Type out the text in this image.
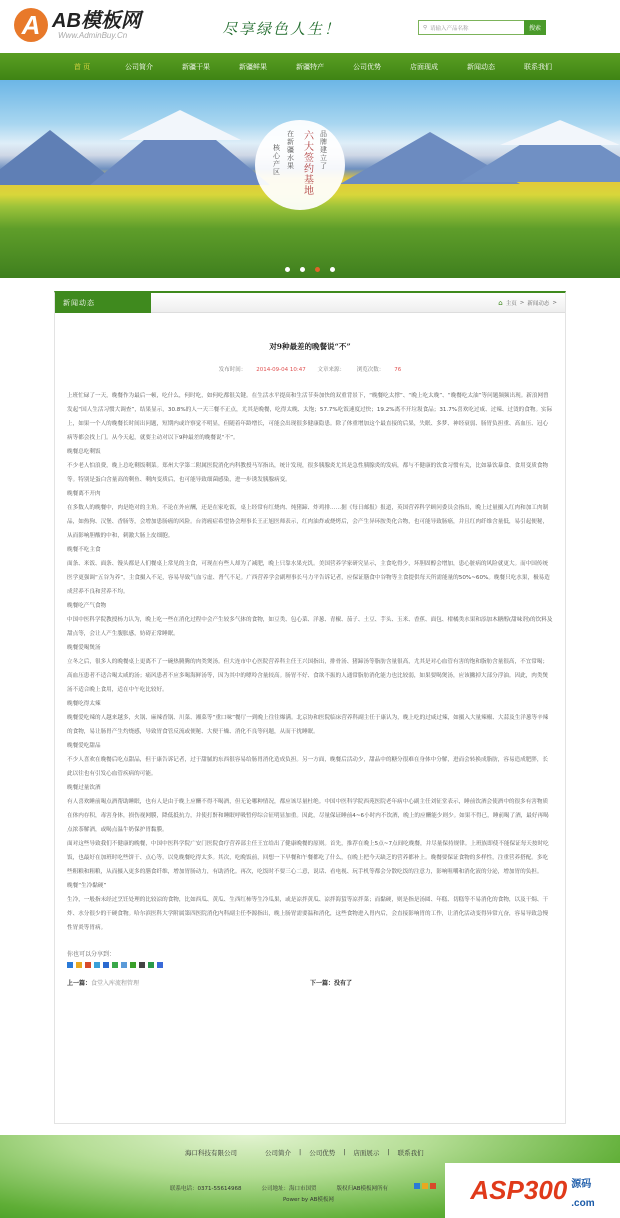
A AB模板网
Www.AdminBuy.Cn	尽享绿色人生！	⚲ 请输入产品名称	搜索
首 页	公司简介	新疆干果	新疆鲜果	新疆特产	公司优势	店面现成	新闻动态	联系我们
品牌建立了
六大签约基地
在新疆水果
核心产区
新闻动态	⌂ 主页 > 新闻动态 >
对9种最差的晚餐说“不”
发布时间： 2014-09-04 10:47 文章来源： 浏览次数： 76

上班忙碌了一天，晚餐作为最后一顿，吃什么，何时吃，如何吃都很关键。在生活水平提高和生活节奏加快的双重背景下，“晚餐吃太撑”、“晚上吃太晚”、“晚餐吃太油”等问题频频出现。新浪网曾发起“国人生活习惯大调查”，结果显示，30.8%的人一天三餐不正点，尤其是晚餐，吃得太晚、太饱；57.7%吃饭速度过快；19.2%离不开垃圾食品；31.7%喜欢吃过咸、过辣、过烫的食物。实际上，如果一个人的晚餐长时间出问题，短期内或许察觉不明显，但随着年龄增长，可能会出现很多健康隐患。除了体重增加这个最直接的后果，失眠、多梦、神经衰弱、肠胃负担重、高血压、冠心病等都会找上门。从今天起，就要主动对以下9种最差的晚餐说“不”。

晚餐总吃剩饭

不少老人怕浪费，晚上总吃剩饭剩菜。郑州大学第二附属医院消化内科教授马军指出，统计发现，很多胰腺炎尤其是急性胰腺炎的发病，都与不健康的饮食习惯有关，比如暴饮暴食、食用变质食物等。特别是蛋白含量高的剩鱼、剩肉变质后，也可能导致细菌感染，进一步诱发胰腺病变。

晚餐离不开肉

在多数人的晚餐中，肉是绝对的主角。不论在外应酬，还是在家吃饭，桌上经常有红烧肉、炖猪蹄、炸鸡排……据《每日邮报》报道，英国营养科学顾问委员会指出，晚上过量摄入红肉和加工肉制品，如热狗、汉堡、香肠等，会增加患肠癌的风险。台湾癌症希望协会理事长王正旭医师表示，红肉油炸或烧烤后，会产生异环胺类化合物，也可能导致肠癌，并且红肉纤维含量低，易引起便秘，从而影响胆酸的中和，刺激大肠上皮细胞。

晚餐不吃主食

面条、米饭、面条、馒头都是人们餐桌上常见的主食，可现在有些人却为了减肥，晚上只靠水果充饥。美国营养学家研究显示，主食吃得少，坏胆固醇会增加，患心脏病的风险就更大。而中国传统医学更强调“五谷为养”，主食摄入不足，容易导致气血亏虚、肾气不足。广西营养学会副理事长马力平告诉记者，应保证膳食中谷物等主食提供每天所需能量的50%~60%。晚餐只吃水果，极易造成营养不良和营养不均。

晚餐吃产气食物

中国中医科学院教授杨力认为，晚上吃一些在消化过程中会产生较多气体的食物，如豆类、包心菜、洋葱、青椒、茄子、土豆、芋头、玉米、香蕉、面包、柑橘类水果和添加木糖醇(甜味剂)的饮料及甜点等，会让人产生腹胀感，妨碍正常睡眠。

晚餐爱喝煲汤

立冬之后，很多人的晚餐桌上更离不了一碗热腾腾的肉类煲汤。但大连市中心医院营养科主任王兴国指出，排骨汤、猪蹄汤等脂肪含量很高，尤其是对心血管有害的饱和脂肪含量很高，不宜常喝；高血压患者不适合喝太咸的汤；痛风患者不应多喝海鲜汤等，因为其中的嘌呤含量较高。肠胃不好、食欲不振的人通常脂肪消化能力也比较弱，如果要喝煲汤，应该撇掉大部分浮油。因此，肉类煲汤不适合晚上食用，适在中午吃比较好。

晚餐吃得太辣

晚餐爱吃辣的人越来越多，火锅、麻辣香锅、川菜、湘菜等“重口味”餐厅一到晚上往往爆满。北京协和医院临床营养科副主任于康认为，晚上吃的过咸过辣，如摄入大量辣椒、大蒜及生洋葱等辛辣的食物，易让肠胃产生灼烧感，导致胃食管反流或便秘、大便干燥、消化不良等问题，从而干扰睡眠。

晚餐爱吃甜品

不少人喜欢在晚餐后吃点甜品，但于康告诉记者，过于甜腻的东西很容易给肠胃消化造成负担。另一方面，晚餐后活动少，甜品中的糖分很难在身体中分解，进而会转换成脂肪，容易造成肥胖，长此以往也有引发心血管疾病的可能。

晚餐过量饮酒

有人喜欢睡前喝点酒帮助睡眠，也有人是由于晚上应酬不得不喝酒，但无论哪种情况，都应该尽量杜绝。中国中医科学院西苑医院老年病中心副主任刘征堂表示，睡前饮酒会使酒中的很多有害物质在体内存积，毒害身体，损伤视网膜，降低抵抗力，并使打鼾和睡眠呼吸暂停综合征明显加重。因此，尽量保证睡前4~6小时内不饮酒，晚上的应酬能少则少。如果不得已，睡前喝了酒，最好再喝点浓茶解酒，或喝点温牛奶保护胃黏膜。

面对这些导致我们不健康的晚餐，中国中医科学院广安门医院食疗营养部主任王宜给出了健康晚餐的原则。首先，推荐在晚上5点~7点间吃晚餐，并尽量保持规律。上班族即使不能保证每天按时吃饭，也最好在加班时吃些饼干、点心等，以免晚餐吃得太多。其次，吃晚饭前，回想一下早餐和午餐都吃了什么，在晚上把今天缺乏的营养都补上。晚餐要保证食物的多样性，注重营养搭配。多吃些粗粮和粗粮，从而摄入更多的膳食纤维，增加胃肠动力，有助消化。再次，吃饭时不要三心二意，说话、看电视、玩手机等都会分散吃饭的注意力，影响咀嚼和消化液的分泌，增加胃的负担。

晚餐“生冷黏硬”

生冷，一般指未经过烹饪处理的比较凉的食物，比如西瓜、黄瓜、生西红柿等生冷瓜果，或是凉拌黄瓜、凉拌海蜇等凉拌菜；而黏硬，则是指是汤圆、年糕、切糕等不易消化的食物，以及干焗、干炸、水分很少的干硬食物。哈尔滨医科大学附属第四医院消化内科副主任李源指出，晚上肠胃需要温和消化，这些食物进入胃内后，会直接影响胃的工作，让消化活动变得异常亢奋，容易导致急慢性胃炎等胃病。

你也可以分享到：
上一篇：食堂入库流程管理	下一篇：没有了
海口科技有限公司	公司简介 | 公司优势 | 店面展示 | 联系我们
联系电话：0371-55614968	公司地址：海口市国贸	版权归AB模板网所有
Power by AB模板网	ASP300 源码
.com
